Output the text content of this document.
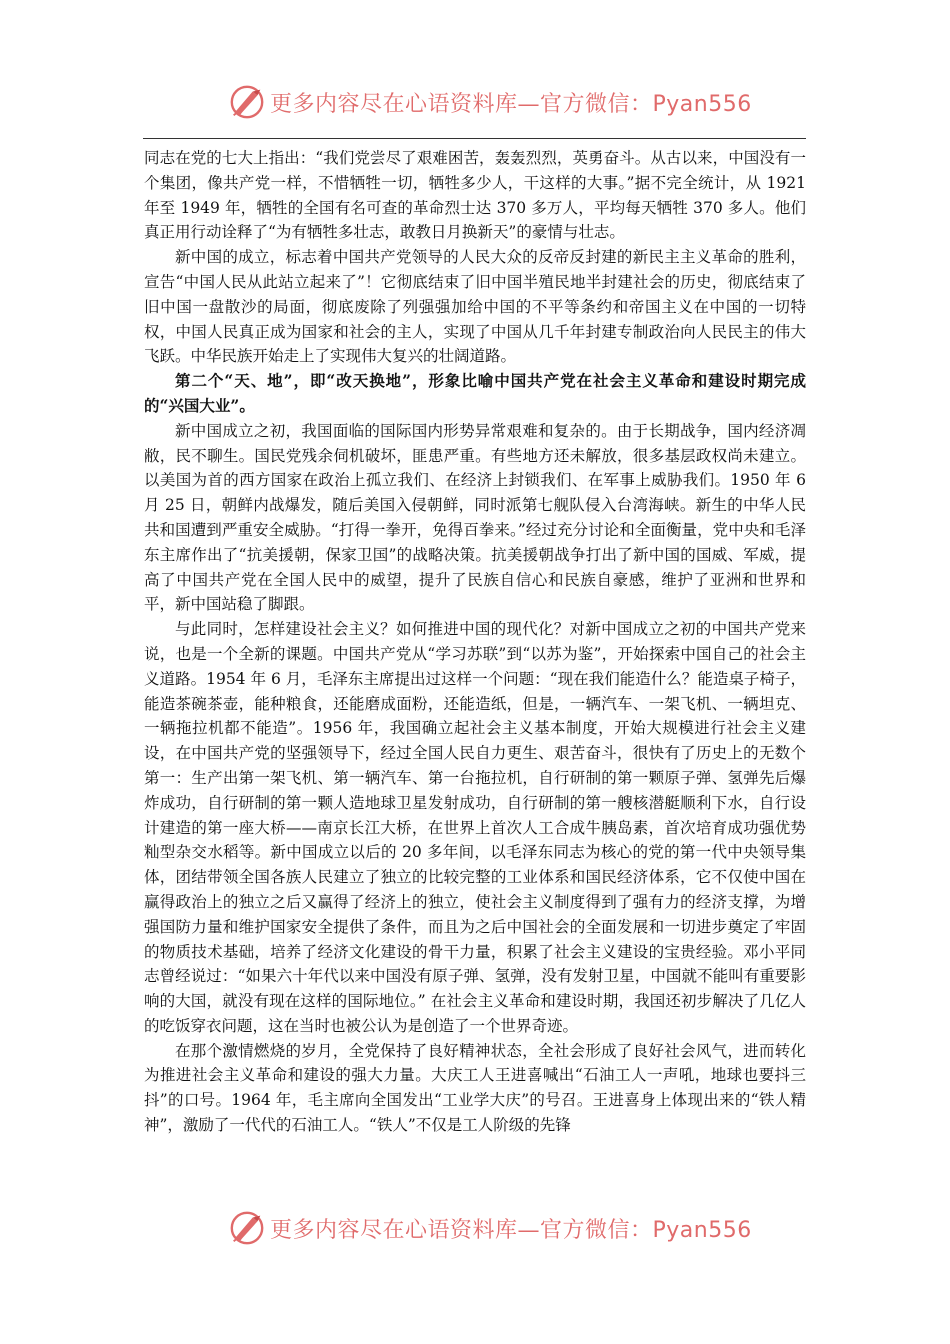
更多内容尽在心语资料库—官方微信：Pyan556

同志在党的七大上指出：“我们党尝尽了艰难困苦，轰轰烈烈，英勇奋斗。从古以来，中国没有一个集团，像共产党一样，不惜牺牲一切，牺牲多少人，干这样的大事。”据不完全统计，从 1921 年至 1949 年，牺牲的全国有名可查的革命烈士达 370 多万人，平均每天牺牲 370 多人。他们真正用行动诠释了“为有牺牲多壮志，敢教日月换新天”的豪情与壮志。

新中国的成立，标志着中国共产党领导的人民大众的反帝反封建的新民主主义革命的胜利，宣告“中国人民从此站立起来了”！它彻底结束了旧中国半殖民地半封建社会的历史，彻底结束了旧中国一盘散沙的局面，彻底废除了列强强加给中国的不平等条约和帝国主义在中国的一切特权，中国人民真正成为国家和社会的主人，实现了中国从几千年封建专制政治向人民民主的伟大飞跃。中华民族开始走上了实现伟大复兴的壮阔道路。

第二个“天、地”，即“改天换地”，形象比喻中国共产党在社会主义革命和建设时期完成的“兴国大业”。

新中国成立之初，我国面临的国际国内形势异常艰难和复杂的。由于长期战争，国内经济凋敝，民不聊生。国民党残余伺机破坏，匪患严重。有些地方还未解放，很多基层政权尚未建立。以美国为首的西方国家在政治上孤立我们、在经济上封锁我们、在军事上威胁我们。1950 年 6 月 25 日，朝鲜内战爆发，随后美国入侵朝鲜，同时派第七舰队侵入台湾海峡。新生的中华人民共和国遭到严重安全威胁。“打得一拳开，免得百拳来。”经过充分讨论和全面衡量，党中央和毛泽东主席作出了“抗美援朝，保家卫国”的战略决策。抗美援朝战争打出了新中国的国威、军威，提高了中国共产党在全国人民中的威望，提升了民族自信心和民族自豪感，维护了亚洲和世界和平，新中国站稳了脚跟。

与此同时，怎样建设社会主义？如何推进中国的现代化？对新中国成立之初的中国共产党来说，也是一个全新的课题。中国共产党从“学习苏联”到“以苏为鉴”，开始探索中国自己的社会主义道路。1954 年 6 月，毛泽东主席提出过这样一个问题：“现在我们能造什么？能造桌子椅子，能造茶碗茶壶，能种粮食，还能磨成面粉，还能造纸，但是，一辆汽车、一架飞机、一辆坦克、一辆拖拉机都不能造”。1956 年，我国确立起社会主义基本制度，开始大规模进行社会主义建设，在中国共产党的坚强领导下，经过全国人民自力更生、艰苦奋斗，很快有了历史上的无数个第一：生产出第一架飞机、第一辆汽车、第一台拖拉机，自行研制的第一颗原子弹、氢弹先后爆炸成功，自行研制的第一颗人造地球卫星发射成功，自行研制的第一艘核潜艇顺利下水，自行设计建造的第一座大桥——南京长江大桥，在世界上首次人工合成牛胰岛素，首次培育成功强优势籼型杂交水稻等。新中国成立以后的 20 多年间，以毛泽东同志为核心的党的第一代中央领导集体，团结带领全国各族人民建立了独立的比较完整的工业体系和国民经济体系，它不仅使中国在赢得政治上的独立之后又赢得了经济上的独立，使社会主义制度得到了强有力的经济支撑，为增强国防力量和维护国家安全提供了条件，而且为之后中国社会的全面发展和一切进步奠定了牢固的物质技术基础，培养了经济文化建设的骨干力量，积累了社会主义建设的宝贵经验。邓小平同志曾经说过：“如果六十年代以来中国没有原子弹、氢弹，没有发射卫星，中国就不能叫有重要影响的大国，就没有现在这样的国际地位。” 在社会主义革命和建设时期，我国还初步解决了几亿人的吃饭穿衣问题，这在当时也被公认为是创造了一个世界奇迹。

在那个激情燃烧的岁月，全党保持了良好精神状态，全社会形成了良好社会风气，进而转化为推进社会主义革命和建设的强大力量。大庆工人王进喜喊出“石油工人一声吼，地球也要抖三抖”的口号。1964 年，毛主席向全国发出“工业学大庆”的号召。王进喜身上体现出来的“铁人精神”，激励了一代代的石油工人。“铁人”不仅是工人阶级的先锋

更多内容尽在心语资料库—官方微信：Pyan556
